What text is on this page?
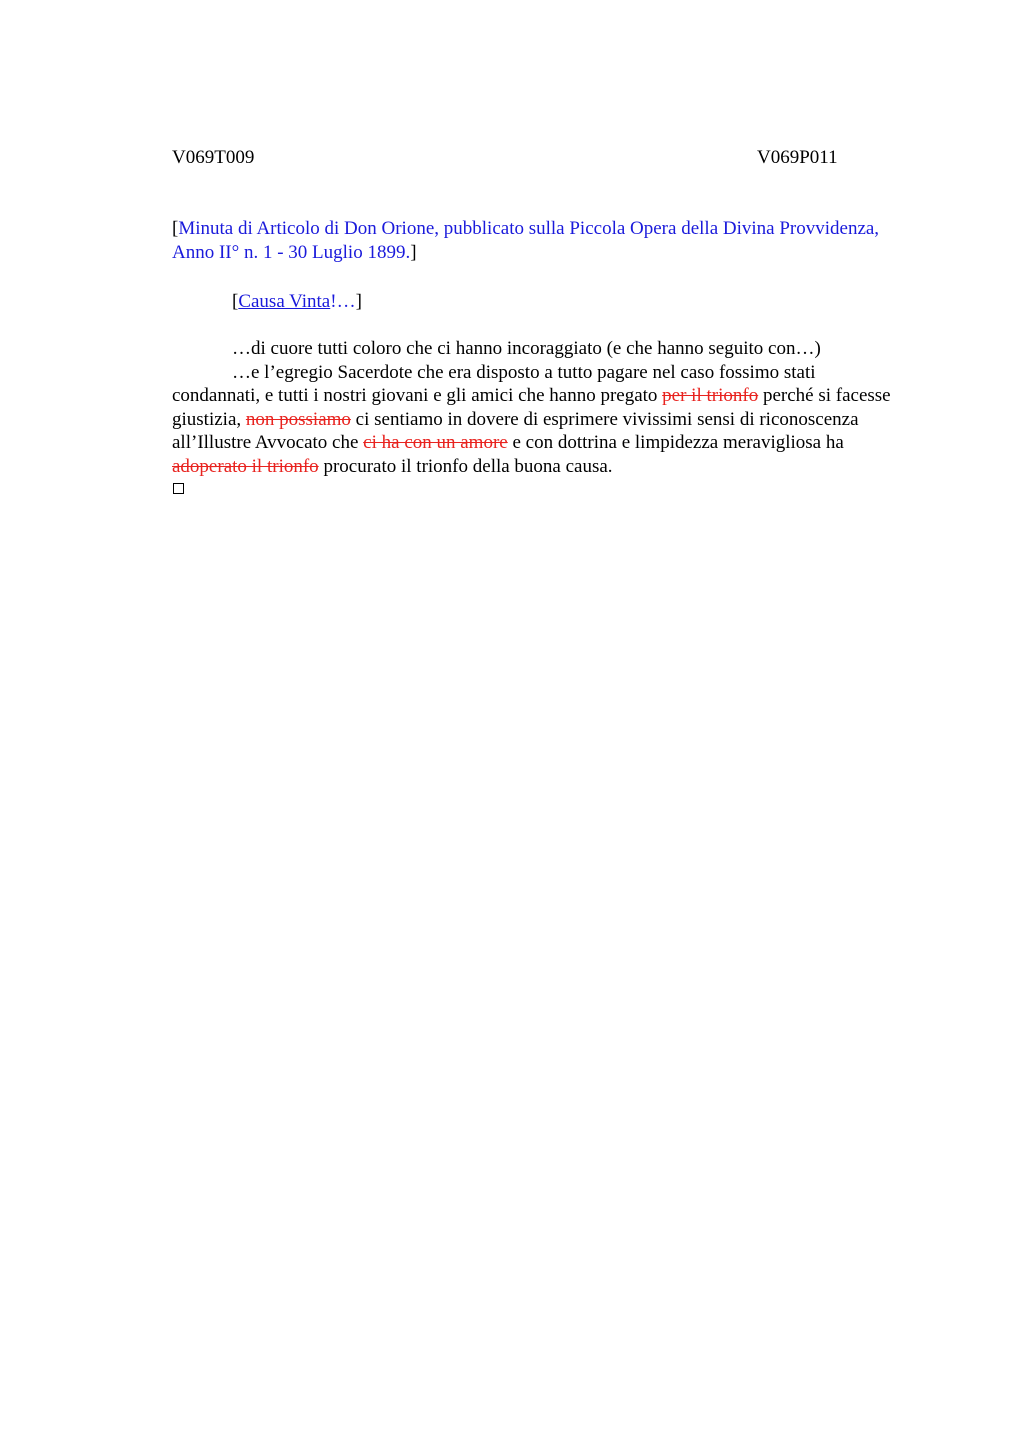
V069T009	V069P011

[Minuta di Articolo di Don Orione, pubblicato sulla Piccola Opera della Divina Provvidenza, Anno II° n. 1 - 30 Luglio 1899.]

[Causa Vinta!…]

…di cuore tutti coloro che ci hanno incoraggiato (e che hanno seguito con…)

…e l’egregio Sacerdote che era disposto a tutto pagare nel caso fossimo stati condannati, e tutti i nostri giovani e gli amici che hanno pregato per il trionfo perché si facesse giustizia, non possiamo ci sentiamo in dovere di esprimere vivissimi sensi di riconoscenza all’Illustre Avvocato che ci ha con un amore e con dottrina e limpidezza meravigliosa ha adoperato il trionfo procurato il trionfo della buona causa.
